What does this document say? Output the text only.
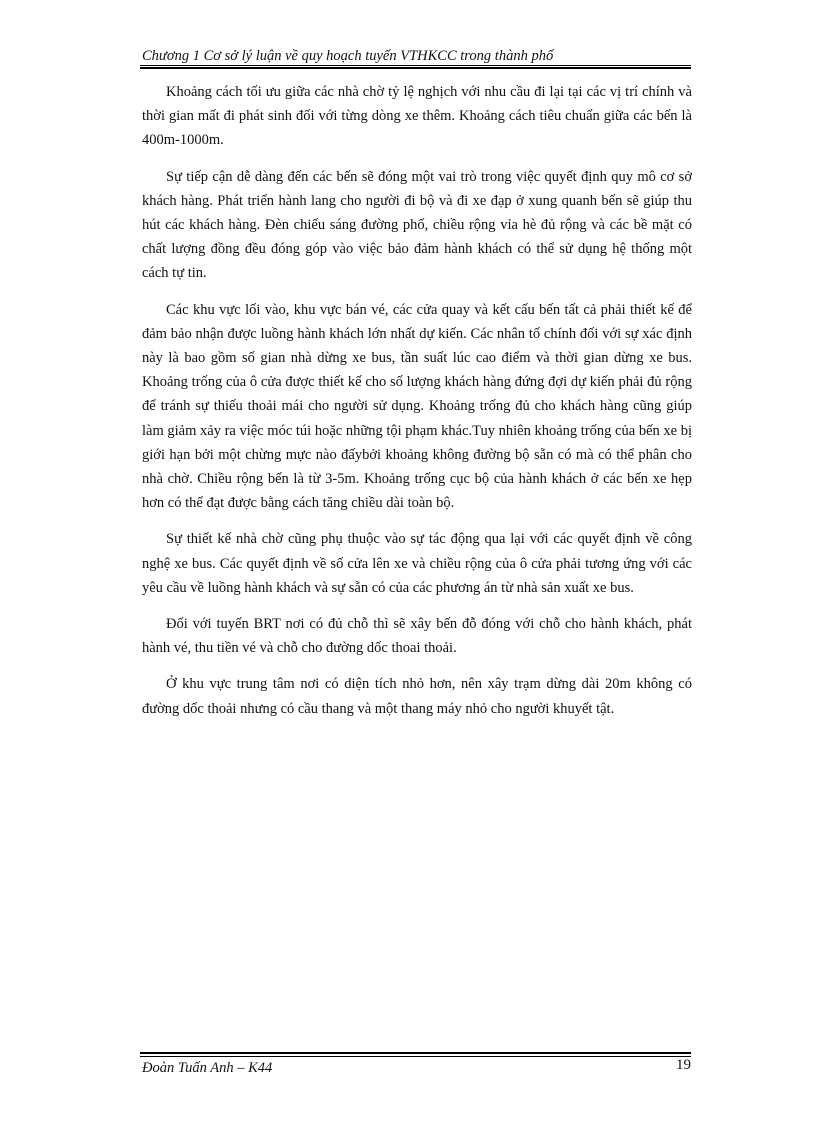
Chương 1 Cơ sở lý luận về quy hoạch tuyến VTHKCC trong thành phố

Khoảng cách tối ưu giữa các nhà chờ tỷ lệ nghịch với nhu cầu đi lại tại các vị trí chính và thời gian mất đi phát sinh đối với từng dòng xe thêm. Khoảng cách tiêu chuẩn giữa các bến là 400m-1000m.

Sự tiếp cận dễ dàng đến các bến sẽ đóng một vai trò trong việc quyết định quy mô cơ sở khách hàng. Phát triển hành lang cho người đi bộ và đi xe đạp ở xung quanh bến sẽ giúp thu hút các khách hàng. Đèn chiếu sáng đường phố, chiều rộng vỉa hè đủ rộng và các bề mặt có chất lượng đồng đều đóng góp vào việc bảo đảm hành khách có thể sử dụng hệ thống một cách tự tin.

Các khu vực lối vào, khu vực bán vé, các cửa quay và kết cấu bến tất cả phải thiết kế để đảm bảo nhận được luồng hành khách lớn nhất dự kiến. Các nhân tố chính đối với sự xác định này là bao gồm số gian nhà dừng xe bus, tần suất lúc cao điểm và thời gian dừng xe bus. Khoảng trống của ô cửa được thiết kế cho số lượng khách hàng đứng đợi dự kiến phải đủ rộng để tránh sự thiếu thoải mái cho người sử dụng. Khoảng trống đủ cho khách hàng cũng giúp làm giảm xảy ra việc móc túi hoặc những tội phạm khác.Tuy nhiên khoảng trống của bến xe bị giới hạn bởi một chừng mực nào đấybởi khoảng không đường bộ sẵn có mà có thể phân cho nhà chờ. Chiều rộng bến là từ 3-5m. Khoảng trống cục bộ của hành khách ở các bến xe hẹp hơn có thể đạt được bằng cách tăng chiều dài toàn bộ.

Sự thiết kế nhà chờ cũng phụ thuộc vào sự tác động qua lại với các quyết định về công nghệ xe bus. Các quyết định về số cửa lên xe và chiều rộng của ô cửa phải tương ứng với các yêu cầu về luồng hành khách và sự sẵn có của các phương án từ nhà sản xuất xe bus.

Đối với tuyến BRT nơi có đủ chỗ thì sẽ xây bến đỗ đóng với chỗ cho hành khách, phát hành vé, thu tiền vé và chỗ cho đường dốc thoai thoải.

Ở khu vực trung tâm nơi có diện tích nhỏ hơn, nên xây trạm dừng dài 20m không có đường dốc thoải nhưng có cầu thang và một thang máy nhỏ cho người khuyết tật.

Đoàn Tuấn Anh – K44	19
